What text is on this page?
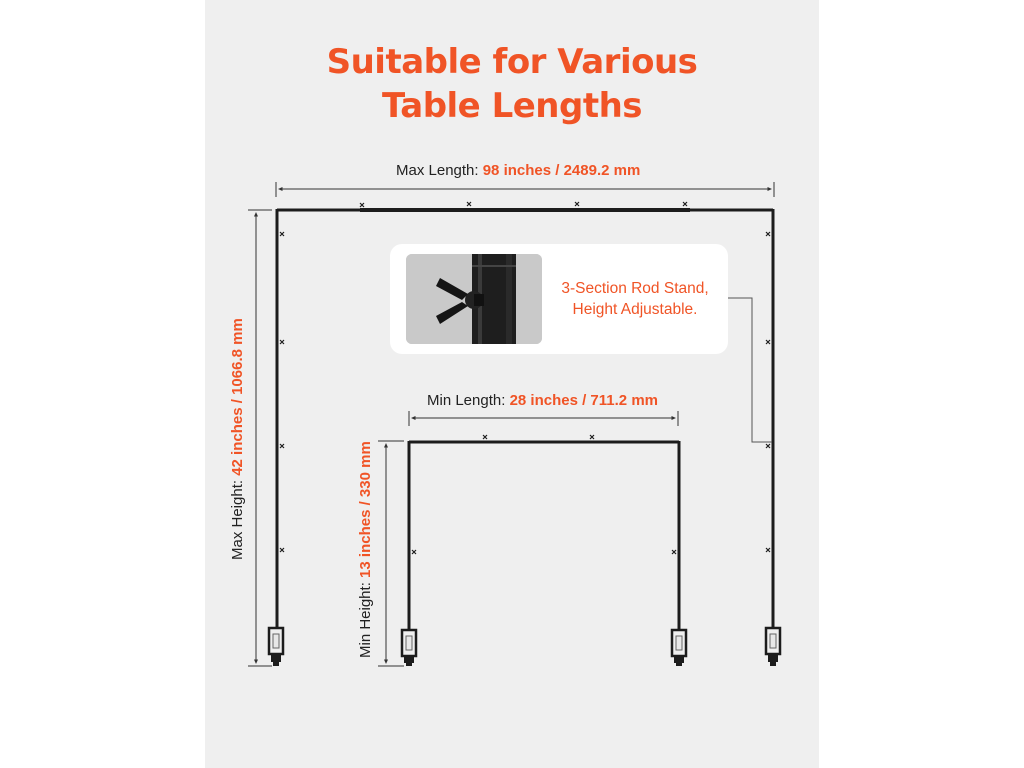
Suitable for Various
Table Lengths
Max Length: 98 inches / 2489.2 mm
Min Length: 28 inches / 711.2 mm
Max Height: 42 inches / 1066.8 mm
Min Height: 13 inches / 330 mm
3-Section Rod Stand,
Height Adjustable.
